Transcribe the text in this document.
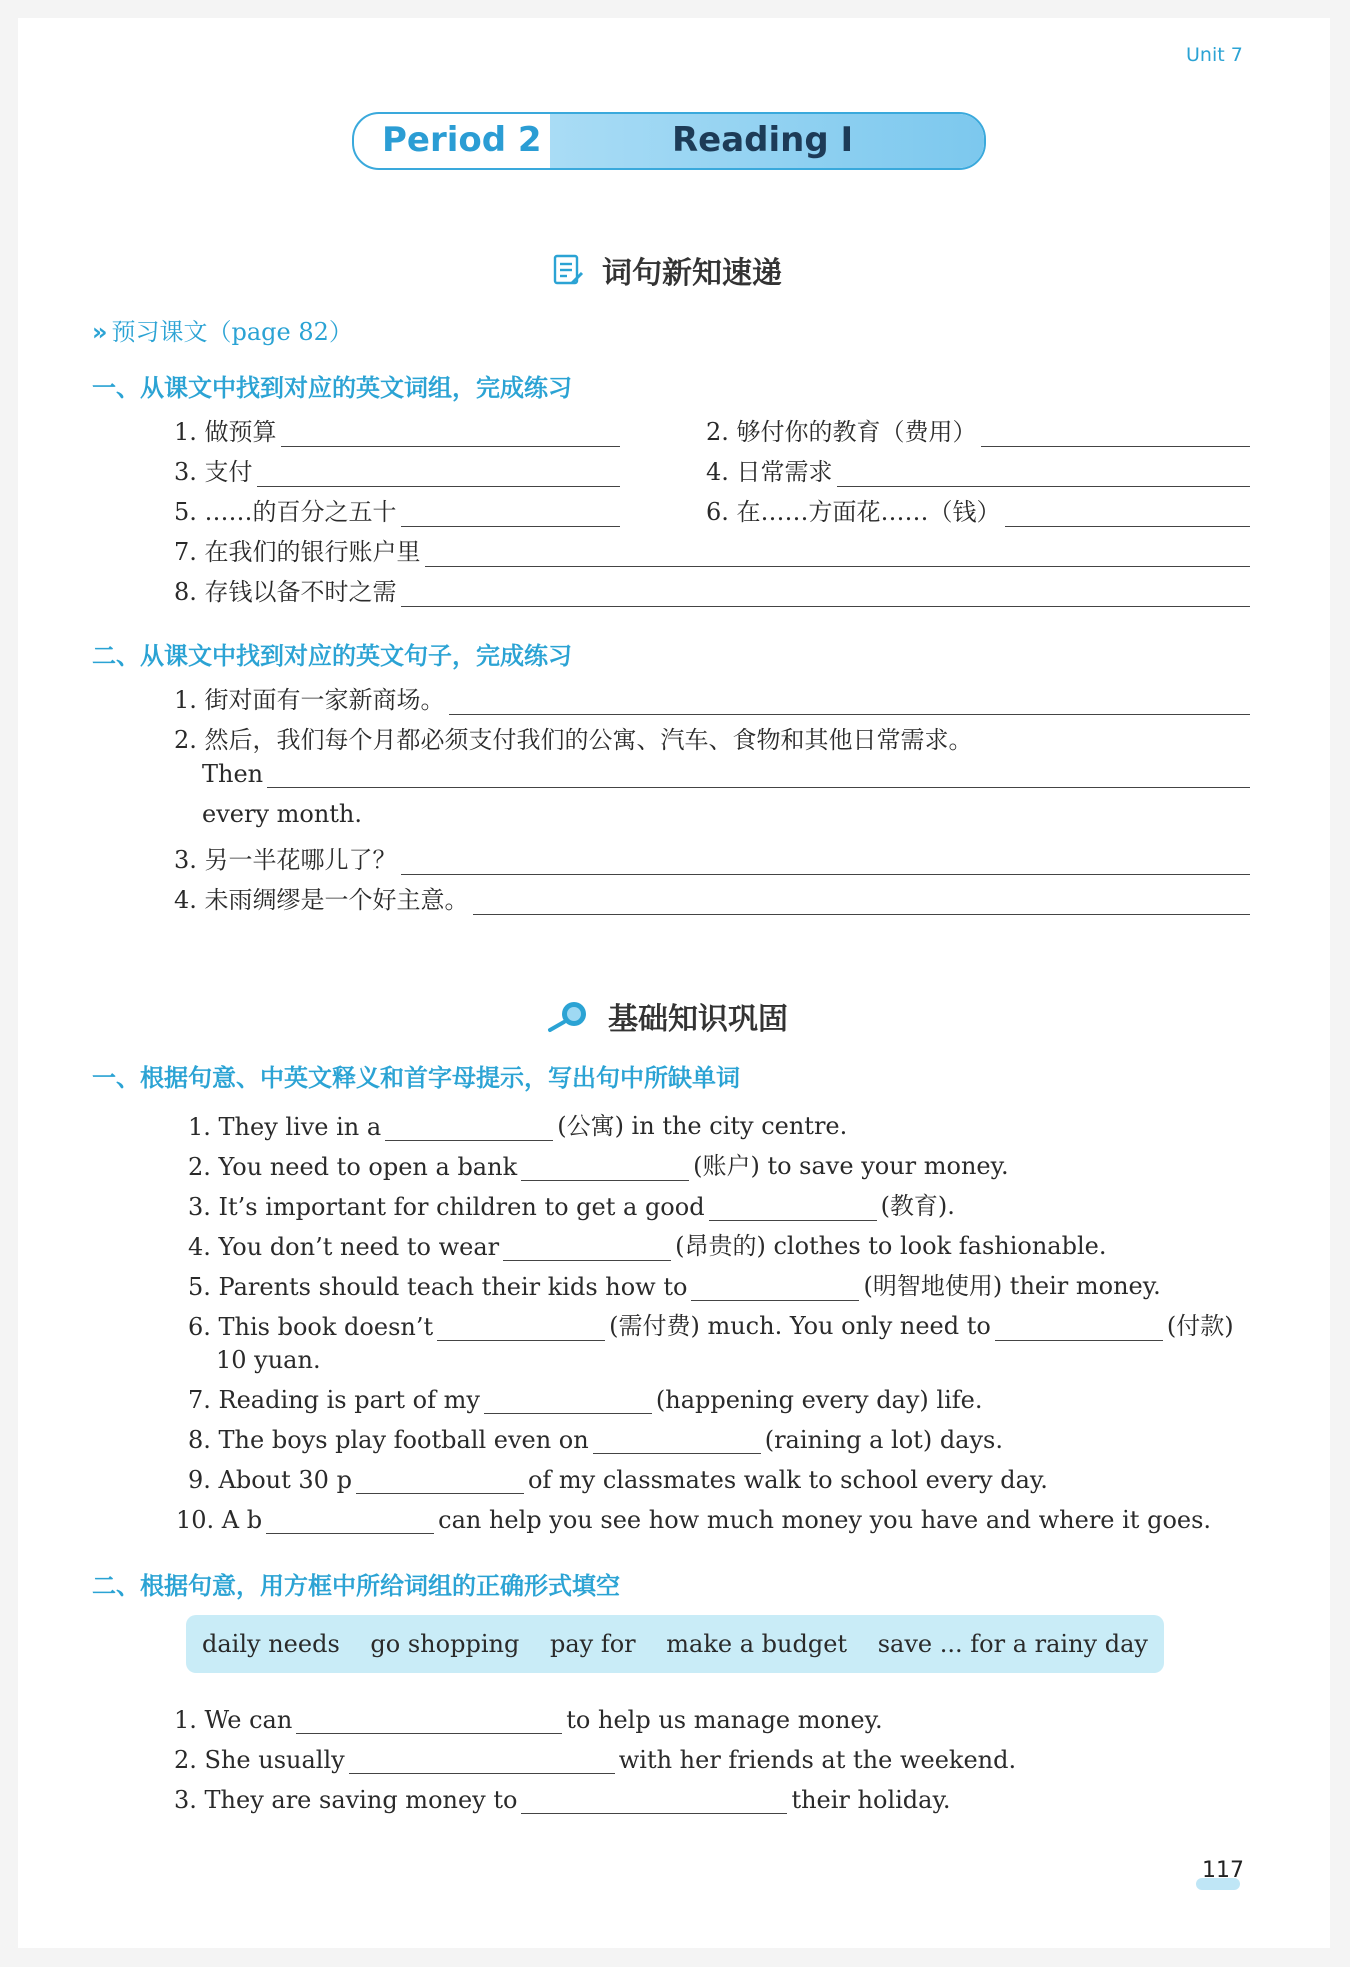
Unit 7
Period 2	Reading I
词句新知速递
» 预习课文（page 82）
一、从课文中找到对应的英文词组，完成练习
1. 做预算	2. 够付你的教育（费用）
3. 支付	4. 日常需求
5. ……的百分之五十	6. 在……方面花……（钱）
7. 在我们的银行账户里
8. 存钱以备不时之需
二、从课文中找到对应的英文句子，完成练习
1. 街对面有一家新商场。
2. 然后，我们每个月都必须支付我们的公寓、汽车、食物和其他日常需求。
Then
every month.
3. 另一半花哪儿了？
4. 未雨绸缪是一个好主意。
基础知识巩固
一、根据句意、中英文释义和首字母提示，写出句中所缺单词
1. They live in a	(公寓) in the city centre.
2. You need to open a bank	(账户) to save your money.
3. It’s important for children to get a good	(教育).
4. You don’t need to wear	(昂贵的) clothes to look fashionable.
5. Parents should teach their kids how to	(明智地使用) their money.
6. This book doesn’t	(需付费) much. You only need to	(付款)
10 yuan.
7. Reading is part of my	(happening every day) life.
8. The boys play football even on	(raining a lot) days.
9. About 30 p	of my classmates walk to school every day.
10. A b	can help you see how much money you have and where it goes.
二、根据句意，用方框中所给词组的正确形式填空
daily needs go shopping pay for make a budget save ... for a rainy day
1. We can	to help us manage money.
2. She usually	with her friends at the weekend.
3. They are saving money to	their holiday.
117
